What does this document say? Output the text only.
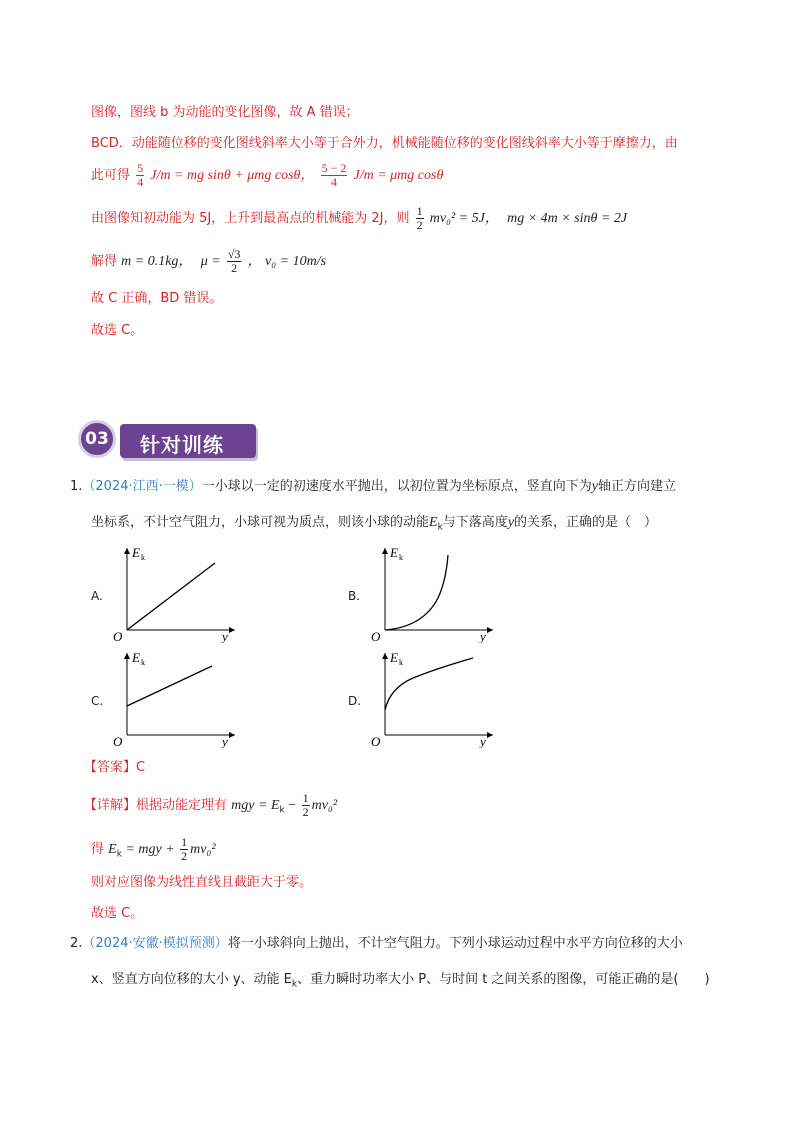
图像，图线 b 为动能的变化图像，故 A 错误；
BCD．动能随位移的变化图线斜率大小等于合外力，机械能随位移的变化图线斜率大小等于摩擦力，由
此可得 $\frac{5}{4} J/m$ = mg sinθ + μmg cosθ， $\frac{5 - 2}{4} J/m = \mu mg$ cosθ
由图像知初动能为 5J，上升到最高点的机械能为 2J，则 $\frac{1}{2} mv_0^2 = 5J$， mg × 4m × sinθ = 2J
解得 m = 0.1kg， $\mu = \frac{√3}{2}$ ， v₀ = 10m/s
故 C 正确，BD 错误。
故选 C。
针对训练
03
1.（2024·江西·一模）一小球以一定的初速度水平抛出，以初位置为坐标原点，竖直向下为y轴正方向建立
坐标系，不计空气阻力，小球可视为质点，则该小球的动能$E_k$与下落高度y的关系，正确的是（　）
A.
E k
O	y
B.
E k
O	y
C.
E k
O	y
D.
E k
O	y
【答案】C
【详解】根据动能定理有 mgy = $E_k - \frac{1}{2} mv_0^2$
得 $E_k$ = mgy + $\frac{1}{2} mv_0^2$
则对应图像为线性直线且截距大于零。
故选 C。
2.（2024·安徽·模拟预测）将一小球斜向上抛出，不计空气阻力。下列小球运动过程中水平方向位移的大小
x、竖直方向位移的大小 y、动能 $E_k$、重力瞬时功率大小 P、与时间 t 之间关系的图像，可能正确的是(　　)
